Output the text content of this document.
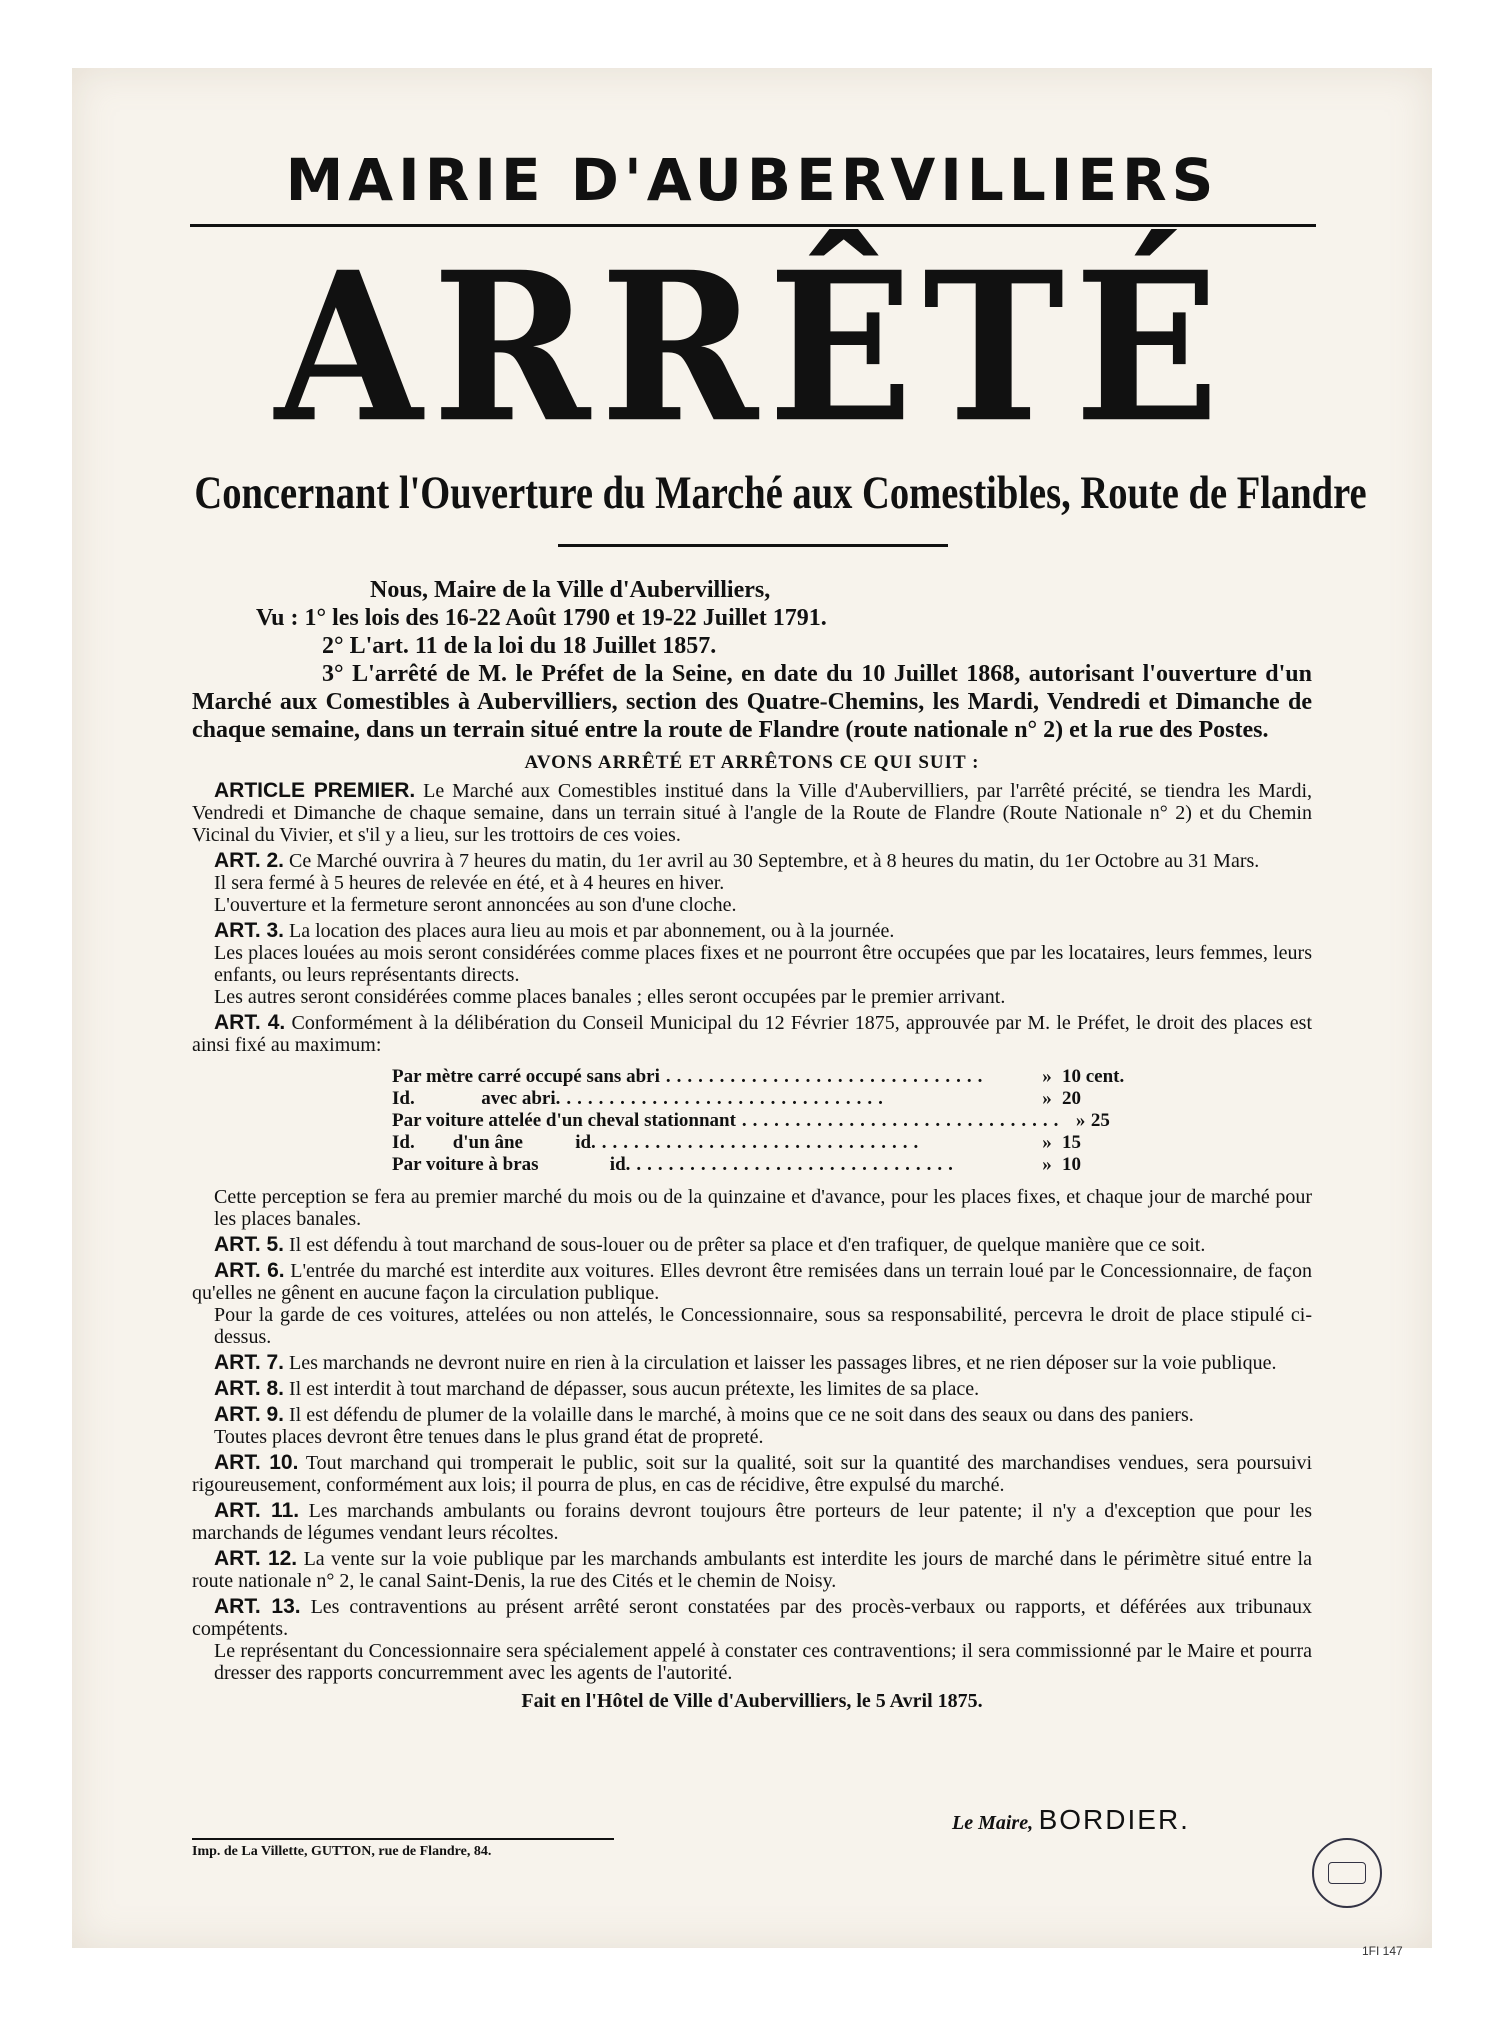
MAIRIE D'AUBERVILLIERS
ARRÊTÉ
Concernant l'Ouverture du Marché aux Comestibles, Route de Flandre

Nous, Maire de la Ville d'Aubervilliers,

Vu : 1° les lois des 16-22 Août 1790 et 19-22 Juillet 1791.

2° L'art. 11 de la loi du 18 Juillet 1857.

3° L'arrêté de M. le Préfet de la Seine, en date du 10 Juillet 1868, autorisant l'ouverture d'un Marché aux Comestibles à Aubervilliers, section des Quatre-Chemins, les Mardi, Vendredi et Dimanche de chaque semaine, dans un terrain situé entre la route de Flandre (route nationale n° 2) et la rue des Postes.

AVONS ARRÊTÉ ET ARRÊTONS CE QUI SUIT :

ARTICLE PREMIER. Le Marché aux Comestibles institué dans la Ville d'Aubervilliers, par l'arrêté précité, se tiendra les Mardi, Vendredi et Dimanche de chaque semaine, dans un terrain situé à l'angle de la Route de Flandre (Route Nationale n° 2) et du Chemin Vicinal du Vivier, et s'il y a lieu, sur les trottoirs de ces voies.

ART. 2. Ce Marché ouvrira à 7 heures du matin, du 1er avril au 30 Septembre, et à 8 heures du matin, du 1er Octobre au 31 Mars.

Il sera fermé à 5 heures de relevée en été, et à 4 heures en hiver.

L'ouverture et la fermeture seront annoncées au son d'une cloche.

ART. 3. La location des places aura lieu au mois et par abonnement, ou à la journée.

Les places louées au mois seront considérées comme places fixes et ne pourront être occupées que par les locataires, leurs femmes, leurs enfants, ou leurs représentants directs.

Les autres seront considérées comme places banales ; elles seront occupées par le premier arrivant.

ART. 4. Conformément à la délibération du Conseil Municipal du 12 Février 1875, approuvée par M. le Préfet, le droit des places est ainsi fixé au maximum:

Par mètre carré occupé sans abri ..............................	» 10 cent.
Id.              avec abri. ..............................	» 20
Par voiture attelée d'un cheval stationnant .............................. » 25
Id.        d'un âne           id. ..............................	» 15
Par voiture à bras               id. ..............................	» 10

Cette perception se fera au premier marché du mois ou de la quinzaine et d'avance, pour les places fixes, et chaque jour de marché pour les places banales.

ART. 5. Il est défendu à tout marchand de sous-louer ou de prêter sa place et d'en trafiquer, de quelque manière que ce soit.

ART. 6. L'entrée du marché est interdite aux voitures. Elles devront être remisées dans un terrain loué par le Concessionnaire, de façon qu'elles ne gênent en aucune façon la circulation publique.

Pour la garde de ces voitures, attelées ou non attelés, le Concessionnaire, sous sa responsabilité, percevra le droit de place stipulé ci-dessus.

ART. 7. Les marchands ne devront nuire en rien à la circulation et laisser les passages libres, et ne rien déposer sur la voie publique.

ART. 8. Il est interdit à tout marchand de dépasser, sous aucun prétexte, les limites de sa place.

ART. 9. Il est défendu de plumer de la volaille dans le marché, à moins que ce ne soit dans des seaux ou dans des paniers.

Toutes places devront être tenues dans le plus grand état de propreté.

ART. 10. Tout marchand qui tromperait le public, soit sur la qualité, soit sur la quantité des marchandises vendues, sera poursuivi rigoureusement, conformément aux lois; il pourra de plus, en cas de récidive, être expulsé du marché.

ART. 11. Les marchands ambulants ou forains devront toujours être porteurs de leur patente; il n'y a d'exception que pour les marchands de légumes vendant leurs récoltes.

ART. 12. La vente sur la voie publique par les marchands ambulants est interdite les jours de marché dans le périmètre situé entre la route nationale n° 2, le canal Saint-Denis, la rue des Cités et le chemin de Noisy.

ART. 13. Les contraventions au présent arrêté seront constatées par des procès-verbaux ou rapports, et déférées aux tribunaux compétents.

Le représentant du Concessionnaire sera spécialement appelé à constater ces contraventions; il sera commissionné par le Maire et pourra dresser des rapports concurremment avec les agents de l'autorité.

Fait en l'Hôtel de Ville d'Aubervilliers, le 5 Avril 1875.
Le Maire, BORDIER.
Imp. de La Villette, GUTTON, rue de Flandre, 84.
1FI 147
